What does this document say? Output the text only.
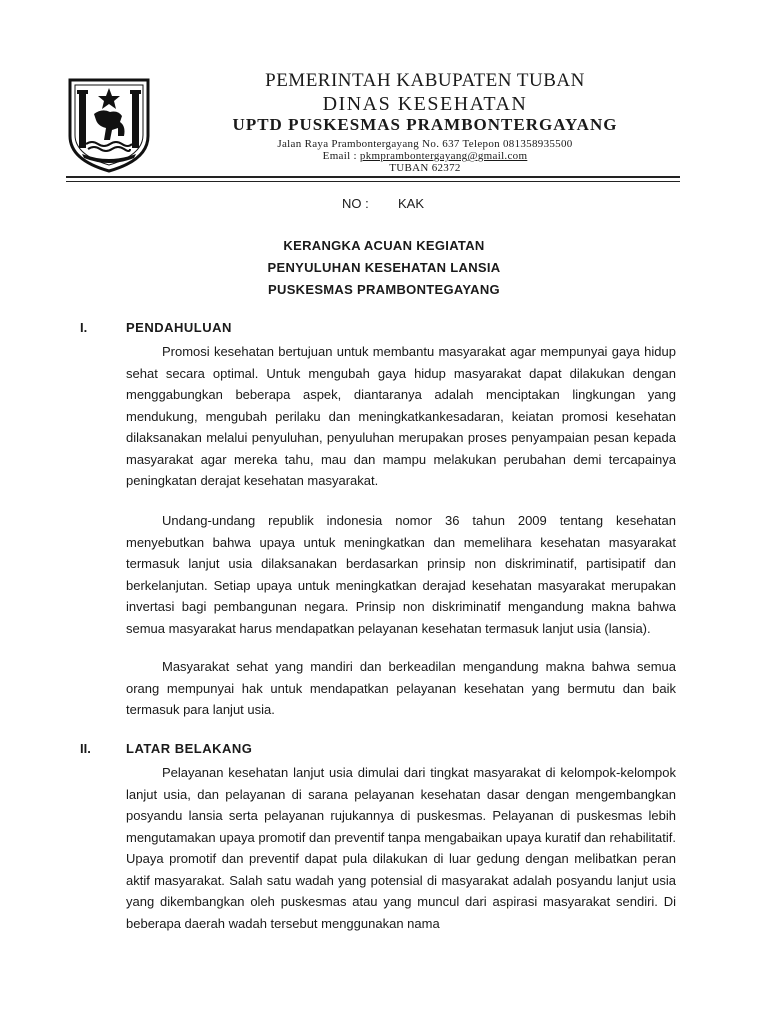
PEMERINTAH KABUPATEN TUBAN
DINAS KESEHATAN
UPTD PUSKESMAS PRAMBONTERGAYANG
Jalan Raya Prambontergayang No. 637 Telepon 081358935500
Email : pkmprambontergayang@gmail.com
TUBAN 62372
NO : KAK
KERANGKA ACUAN KEGIATAN
PENYULUHAN KESEHATAN LANSIA
PUSKESMAS PRAMBONTEGAYANG
I.	PENDAHULUAN

Promosi kesehatan bertujuan untuk membantu masyarakat agar mempunyai gaya hidup sehat secara optimal. Untuk mengubah gaya hidup masyarakat dapat dilakukan dengan menggabungkan beberapa aspek, diantaranya adalah menciptakan lingkungan yang mendukung, mengubah perilaku dan meningkatkankesadaran, keiatan promosi kesehatan dilaksanakan melalui penyuluhan, penyuluhan merupakan proses penyampaian pesan kepada masyarakat agar mereka tahu, mau dan mampu melakukan perubahan demi tercapainya peningkatan derajat kesehatan masyarakat.

Undang-undang republik indonesia nomor 36 tahun 2009 tentang kesehatan menyebutkan bahwa upaya untuk meningkatkan dan memelihara kesehatan masyarakat termasuk lanjut usia dilaksanakan berdasarkan prinsip non diskriminatif, partisipatif dan berkelanjutan. Setiap upaya untuk meningkatkan derajad kesehatan masyarakat merupakan invertasi bagi pembangunan negara. Prinsip non diskriminatif mengandung makna bahwa semua masyarakat harus mendapatkan pelayanan kesehatan termasuk lanjut usia (lansia).

Masyarakat sehat yang mandiri dan berkeadilan mengandung makna bahwa semua orang mempunyai hak untuk mendapatkan pelayanan kesehatan yang bermutu dan baik termasuk para lanjut usia.

II.	LATAR BELAKANG

Pelayanan kesehatan lanjut usia dimulai dari tingkat masyarakat di kelompok-kelompok lanjut usia, dan pelayanan di sarana pelayanan kesehatan dasar dengan mengembangkan posyandu lansia serta pelayanan rujukannya di puskesmas. Pelayanan di puskesmas lebih mengutamakan upaya promotif dan preventif tanpa mengabaikan upaya kuratif dan rehabilitatif. Upaya promotif dan preventif dapat pula dilakukan di luar gedung dengan melibatkan peran aktif masyarakat. Salah satu wadah yang potensial di masyarakat adalah posyandu lanjut usia yang dikembangkan oleh puskesmas atau yang muncul dari aspirasi masyarakat sendiri. Di beberapa daerah wadah tersebut menggunakan nama
